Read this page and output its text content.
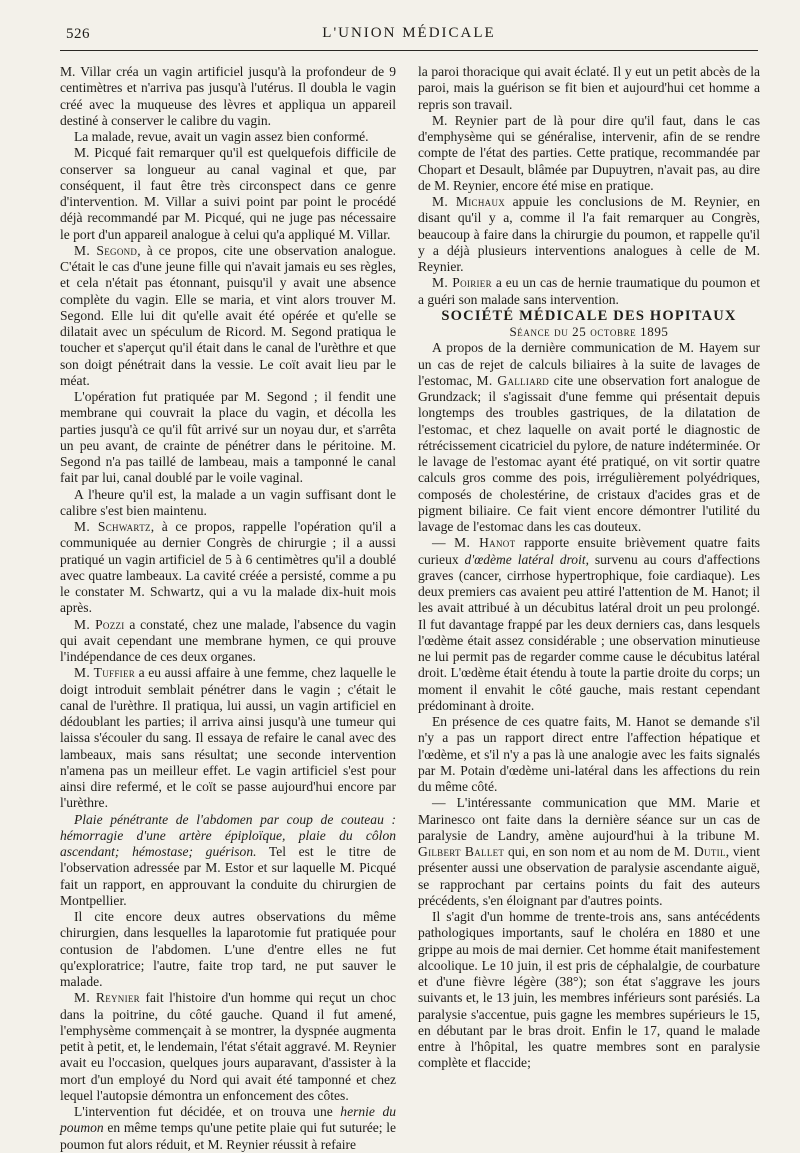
526	L'UNION MÉDICALE

M. Villar créa un vagin artificiel jusqu'à la profondeur de 9 centimètres et n'arriva pas jusqu'à l'utérus. Il doubla le vagin créé avec la muqueuse des lèvres et appliqua un appareil destiné à conserver le calibre du vagin.

La malade, revue, avait un vagin assez bien conformé.

M. Picqué fait remarquer qu'il est quelquefois difficile de conserver sa longueur au canal vaginal et que, par conséquent, il faut être très circonspect dans ce genre d'intervention. M. Villar a suivi point par point le procédé déjà recommandé par M. Picqué, qui ne juge pas nécessaire le port d'un appareil analogue à celui qu'a appliqué M. Villar.

M. Segond, à ce propos, cite une observation analogue. C'était le cas d'une jeune fille qui n'avait jamais eu ses règles, et cela n'était pas étonnant, puisqu'il y avait une absence complète du vagin. Elle se maria, et vint alors trouver M. Segond. Elle lui dit qu'elle avait été opérée et qu'elle se dilatait avec un spéculum de Ricord. M. Segond pratiqua le toucher et s'aperçut qu'il était dans le canal de l'urèthre et que son doigt pénétrait dans la vessie. Le coït avait lieu par le méat.

L'opération fut pratiquée par M. Segond ; il fendit une membrane qui couvrait la place du vagin, et décolla les parties jusqu'à ce qu'il fût arrivé sur un noyau dur, et s'arrêta un peu avant, de crainte de pénétrer dans le péritoine. M. Segond n'a pas taillé de lambeau, mais a tamponné le canal fait par lui, canal doublé par le voile vaginal.

A l'heure qu'il est, la malade a un vagin suffisant dont le calibre s'est bien maintenu.

M. Schwartz, à ce propos, rappelle l'opération qu'il a communiquée au dernier Congrès de chirurgie ; il a aussi pratiqué un vagin artificiel de 5 à 6 centimètres qu'il a doublé avec quatre lambeaux. La cavité créée a persisté, comme a pu le constater M. Schwartz, qui a vu la malade dix-huit mois après.

M. Pozzi a constaté, chez une malade, l'absence du vagin qui avait cependant une membrane hymen, ce qui prouve l'indépendance de ces deux organes.

M. Tuffier a eu aussi affaire à une femme, chez laquelle le doigt introduit semblait pénétrer dans le vagin ; c'était le canal de l'urèthre. Il pratiqua, lui aussi, un vagin artificiel en dédoublant les parties; il arriva ainsi jusqu'à une tumeur qui laissa s'écouler du sang. Il essaya de refaire le canal avec des lambeaux, mais sans résultat; une seconde intervention n'amena pas un meilleur effet. Le vagin artificiel s'est pour ainsi dire refermé, et le coït se passe aujourd'hui encore par l'urèthre.

Plaie pénétrante de l'abdomen par coup de couteau : hémorragie d'une artère épiploïque, plaie du côlon ascendant; hémostase; guérison. Tel est le titre de l'observation adressée par M. Estor et sur laquelle M. Picqué fait un rapport, en approuvant la conduite du chirurgien de Montpellier.

Il cite encore deux autres observations du même chirurgien, dans lesquelles la laparotomie fut pratiquée pour contusion de l'abdomen. L'une d'entre elles ne fut qu'exploratrice; l'autre, faite trop tard, ne put sauver le malade.

M. Reynier fait l'histoire d'un homme qui reçut un choc dans la poitrine, du côté gauche. Quand il fut amené, l'emphysème commençait à se montrer, la dyspnée augmenta petit à petit, et, le lendemain, l'état s'était aggravé. M. Reynier avait eu l'occasion, quelques jours auparavant, d'assister à la mort d'un employé du Nord qui avait été tamponné et chez lequel l'autopsie démontra un enfoncement des côtes.

L'intervention fut décidée, et on trouva une hernie du poumon en même temps qu'une petite plaie qui fut suturée; le poumon fut alors réduit, et M. Reynier réussit à refaire

la paroi thoracique qui avait éclaté. Il y eut un petit abcès de la paroi, mais la guérison se fit bien et aujourd'hui cet homme a repris son travail.

M. Reynier part de là pour dire qu'il faut, dans le cas d'emphysème qui se généralise, intervenir, afin de se rendre compte de l'état des parties. Cette pratique, recommandée par Chopart et Desault, blâmée par Dupuytren, n'avait pas, au dire de M. Reynier, encore été mise en pratique.

M. Michaux appuie les conclusions de M. Reynier, en disant qu'il y a, comme il l'a fait remarquer au Congrès, beaucoup à faire dans la chirurgie du poumon, et rappelle qu'il y a déjà plusieurs interventions analogues à celle de M. Reynier.

M. Poirier a eu un cas de hernie traumatique du poumon et a guéri son malade sans intervention.

SOCIÉTÉ MÉDICALE DES HOPITAUX

Séance du 25 octobre 1895

A propos de la dernière communication de M. Hayem sur un cas de rejet de calculs biliaires à la suite de lavages de l'estomac, M. Galliard cite une observation fort analogue de Grundzack; il s'agissait d'une femme qui présentait depuis longtemps des troubles gastriques, de la dilatation de l'estomac, et chez laquelle on avait porté le diagnostic de rétrécissement cicatriciel du pylore, de nature indéterminée. Or le lavage de l'estomac ayant été pratiqué, on vit sortir quatre calculs gros comme des pois, irrégulièrement polyédriques, composés de cholestérine, de cristaux d'acides gras et de pigment biliaire. Ce fait vient encore démontrer l'utilité du lavage de l'estomac dans les cas douteux.

— M. Hanot rapporte ensuite brièvement quatre faits curieux d'œdème latéral droit, survenu au cours d'affections graves (cancer, cirrhose hypertrophique, foie cardiaque). Les deux premiers cas avaient peu attiré l'attention de M. Hanot; il les avait attribué à un décubitus latéral droit un peu prolongé. Il fut davantage frappé par les deux derniers cas, dans lesquels l'œdème était assez considérable ; une observation minutieuse ne lui permit pas de regarder comme cause le décubitus latéral droit. L'œdème était étendu à toute la partie droite du corps; un moment il envahit le côté gauche, mais restant cependant prédominant à droite.

En présence de ces quatre faits, M. Hanot se demande s'il n'y a pas un rapport direct entre l'affection hépatique et l'œdème, et s'il n'y a pas là une analogie avec les faits signalés par M. Potain d'œdème uni-latéral dans les affections du rein du même côté.

— L'intéressante communication que MM. Marie et Marinesco ont faite dans la dernière séance sur un cas de paralysie de Landry, amène aujourd'hui à la tribune M. Gilbert Ballet qui, en son nom et au nom de M. Dutil, vient présenter aussi une observation de paralysie ascendante aiguë, se rapprochant par certains points du fait des auteurs précédents, s'en éloignant par d'autres points.

Il s'agit d'un homme de trente-trois ans, sans antécédents pathologiques importants, sauf le choléra en 1880 et une grippe au mois de mai dernier. Cet homme était manifestement alcoolique. Le 10 juin, il est pris de céphalalgie, de courbature et d'une fièvre légère (38°); son état s'aggrave les jours suivants et, le 13 juin, les membres inférieurs sont parésiés. La paralysie s'accentue, puis gagne les membres supérieurs le 15, en débutant par le bras droit. Enfin le 17, quand le malade entre à l'hôpital, les quatre membres sont en paralysie complète et flaccide;
